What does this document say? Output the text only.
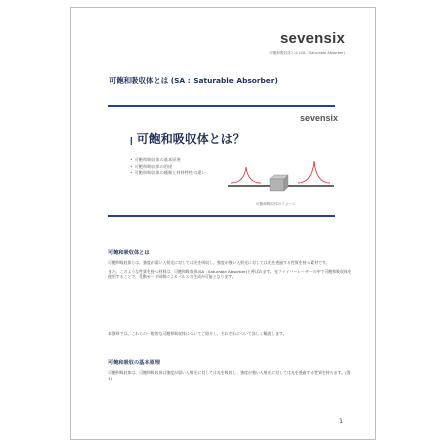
sevensix
可飽和吸収体とは (SA : Saturable Absorber)
可飽和吸収体とは (SA : Saturable Absorber)
sevensix
❙ 可飽和吸収体とは？
• 可飽和吸収体の基本原理
• 可飽和吸収体の用途
• 可飽和吸収体の種類と材料特性の違い
可飽和吸収体のイメージ
可飽和吸収体とは

可飽和吸収体とは、強度が弱い入射光に対しては光を吸収し、強度が強い入射光に対しては光を透過する性質を持つ素材です。

また、このような性質を持つ材料は、可飽和吸収体(SA : Saturable Absorber)と呼ばれます。光ファイバーレーザーの中で可飽和吸収体を使用することで、受動モード同期によるパルスの生成が可能となります。

本資料では、これらの一般的な可飽和吸収体についてご紹介し、それぞれについて詳しく解説します。
可飽和吸収の基本原理

可飽和吸収体は、可飽和吸収体は強度が弱い入射光に対しては光を吸収し、強度が強い入射光に対しては光を透過する性質を持ちます。(図1)

1
